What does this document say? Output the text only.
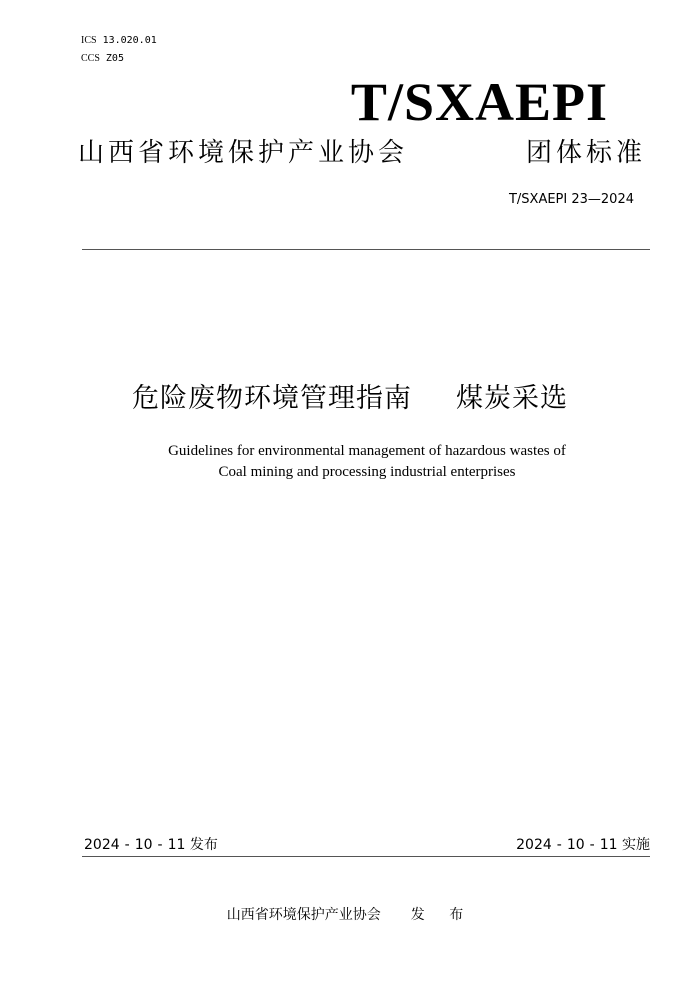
ICS 13.020.01
CCS Z05
T/SXAEPI
山西省环境保护产业协会	团体标准
T/SXAEPI 23—2024
危险废物环境管理指南 煤炭采选
Guidelines for environmental management of hazardous wastes of
Coal mining and processing industrial enterprises
2024 - 10 - 11 发布	2024 - 10 - 11 实施
山西省环境保护产业协会 发 布
